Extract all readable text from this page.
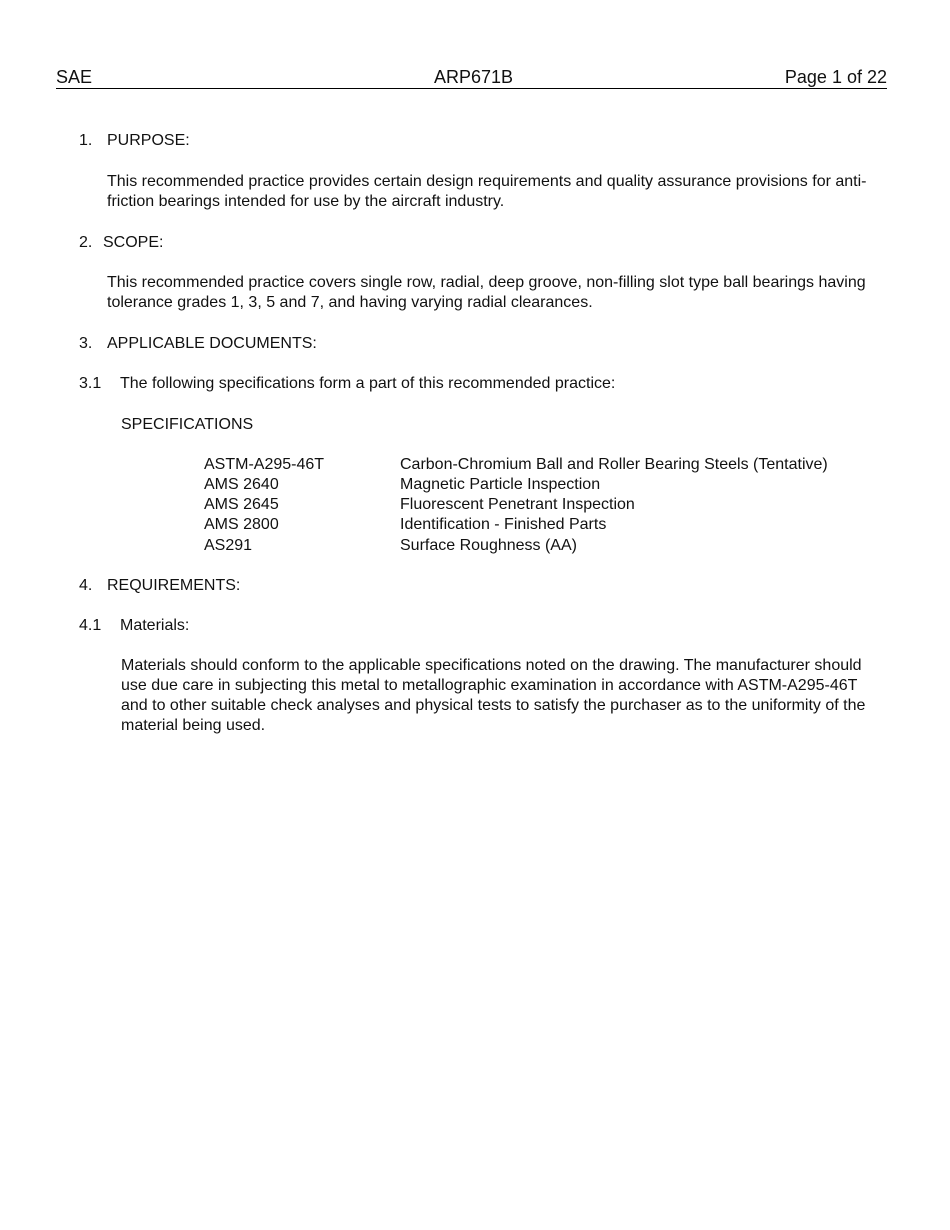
SAE	ARP671B	Page 1 of 22
1. PURPOSE:

This recommended practice provides certain design requirements and quality assurance provisions for anti-friction bearings intended for use by the aircraft industry.

2. SCOPE:

This recommended practice covers single row, radial, deep groove, non-filling slot type ball bearings having tolerance grades 1, 3, 5 and 7, and having varying radial clearances.

3. APPLICABLE DOCUMENTS:
3.1 The following specifications form a part of this recommended practice:
SPECIFICATIONS
ASTM-A295-46T	Carbon-Chromium Ball and Roller Bearing Steels (Tentative)
AMS 2640	Magnetic Particle Inspection
AMS 2645	Fluorescent Penetrant Inspection
AMS 2800	Identification - Finished Parts
AS291	Surface Roughness (AA)
4. REQUIREMENTS:
4.1 Materials:

Materials should conform to the applicable specifications noted on the drawing. The manufacturer should use due care in subjecting this metal to metallographic examination in accordance with ASTM-A295-46T and to other suitable check analyses and physical tests to satisfy the purchaser as to the uniformity of the material being used.
